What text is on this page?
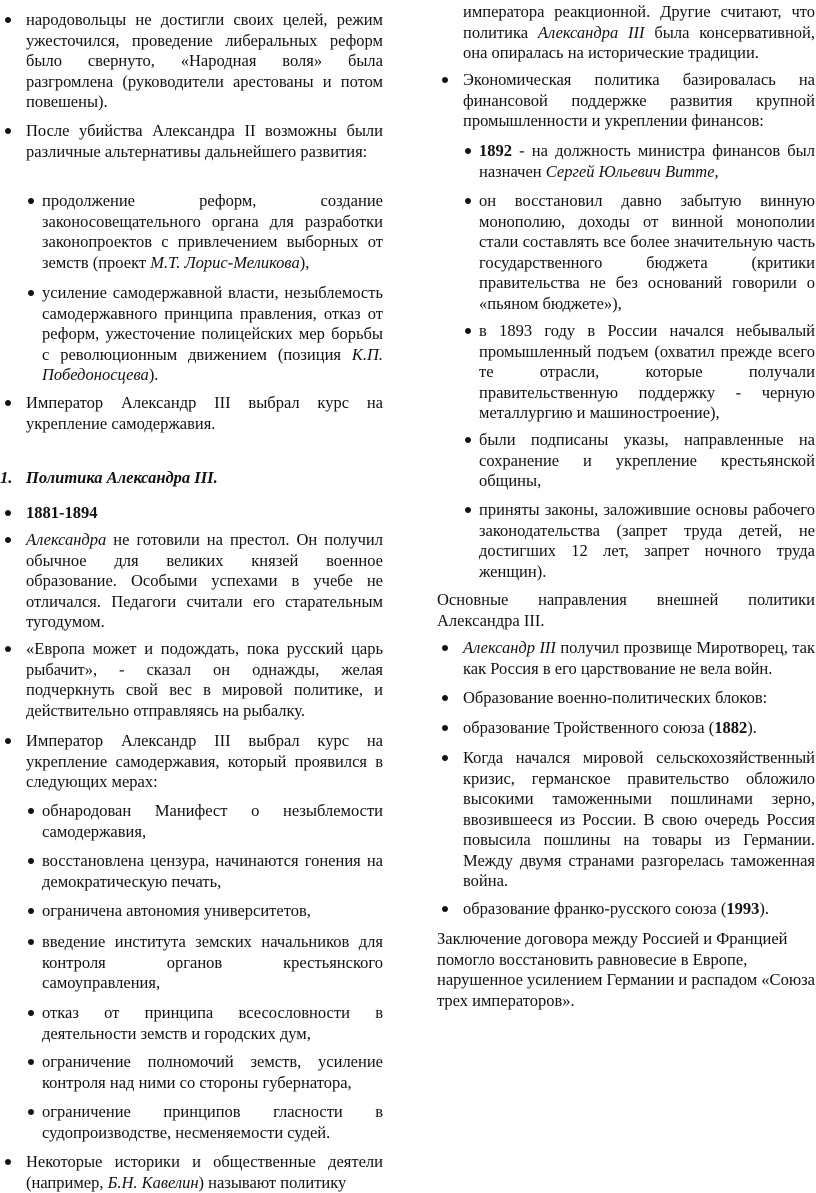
народовольцы не достигли своих целей, режим ужесточился, проведение либеральных реформ было свернуто, «Народная воля» была разгромлена (руководители арестованы и потом повешены).
После убийства Александра II возможны были различные альтернативы дальнейшего развития:
продолжение реформ, создание законосовещательного органа для разработки законопроектов с привлечением выборных от земств (проект М.Т. Лорис-Меликова),
усиление самодержавной власти, незыблемость самодержавного принципа правления, отказ от реформ, ужесточение полицейских мер борьбы с революционным движением (позиция К.П. Победоносцева).
Император Александр III выбрал курс на укрепление самодержавия.
1. Политика Александра III.
1881-1894
Александра не готовили на престол. Он получил обычное для великих князей военное образование. Особыми успехами в учебе не отличался. Педагоги считали его старательным тугодумом.
«Европа может и подождать, пока русский царь рыбачит», - сказал он однажды, желая подчеркнуть свой вес в мировой политике, и действительно отправляясь на рыбалку.
Император Александр III выбрал курс на укрепление самодержавия, который проявился в следующих мерах:
обнародован Манифест о незыблемости самодержавия,
восстановлена цензура, начинаются гонения на демократическую печать,
ограничена автономия университетов,
введение института земских начальников для контроля органов крестьянского самоуправления,
отказ от принципа всесословности в деятельности земств и городских дум,
ограничение полномочий земств, усиление контроля над ними со стороны губернатора,
ограничение принципов гласности в судопроизводстве, несменяемости судей.
Некоторые историки и общественные деятели (например, Б.Н. Кавелин) называют политику
императора реакционной. Другие считают, что политика Александра III была консервативной, она опиралась на исторические традиции.
Экономическая политика базировалась на финансовой поддержке развития крупной промышленности и укреплении финансов:
1892 - на должность министра финансов был назначен Сергей Юльевич Витте,
он восстановил давно забытую винную монополию, доходы от винной монополии стали составлять все более значительную часть государственного бюджета (критики правительства не без оснований говорили о «пьяном бюджете»),
в 1893 году в России начался небывалый промышленный подъем (охватил прежде всего те отрасли, которые получали правительственную поддержку - черную металлургию и машиностроение),
были подписаны указы, направленные на сохранение и укрепление крестьянской общины,
приняты законы, заложившие основы рабочего законодательства (запрет труда детей, не достигших 12 лет, запрет ночного труда женщин).
Основные направления внешней политики Александра III.
Александр III получил прозвище Миротворец, так как Россия в его царствование не вела войн.
Образование военно-политических блоков:
образование Тройственного союза (1882).
Когда начался мировой сельскохозяйственный кризис, германское правительство обложило высокими таможенными пошлинами зерно, ввозившееся из России. В свою очередь Россия повысила пошлины на товары из Германии. Между двумя странами разгорелась таможенная война.
образование франко-русского союза (1993).
Заключение договора между Россией и Францией помогло восстановить равновесие в Европе, нарушенное усилением Германии и распадом «Союза трех императоров».
